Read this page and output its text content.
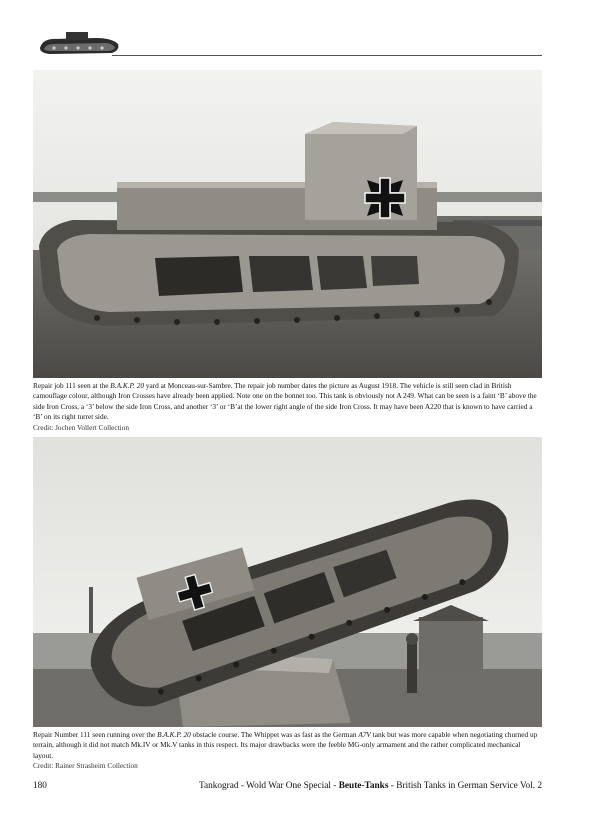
Repair job 111 seen at the B.A.K.P. 20 yard at Monceau-sur-Sambre. The repair job number dates the picture as August 1918. The vehicle is still seen clad in British camouflage colour, although Iron Crosses have already been applied. Note one on the bonnet too. This tank is obviously not A 249. What can be seen is a faint ‘B’ above the side Iron Cross, a ‘3’ below the side Iron Cross, and another ‘3’ or ‘B’at the lower right angle of the side Iron Cross. It may have been A220 that is known to have carried a ‘B’ on its right turret side.
Credit: Jochen Vollert Collection

Repair Number 111 seen running over the B.A.K.P. 20 obstacle course. The Whippet was as fast as the German A7V tank but was more capable when negotiating churned up terrain, although it did not match Mk.IV or Mk.V tanks in this respect. Its major drawbacks were the feeble MG-only armament and the rather complicated mechanical layout.
Credit: Rainer Strasheim Collection

180	Tankograd - Wold War One Special - Beute-Tanks - British Tanks in German Service Vol. 2
